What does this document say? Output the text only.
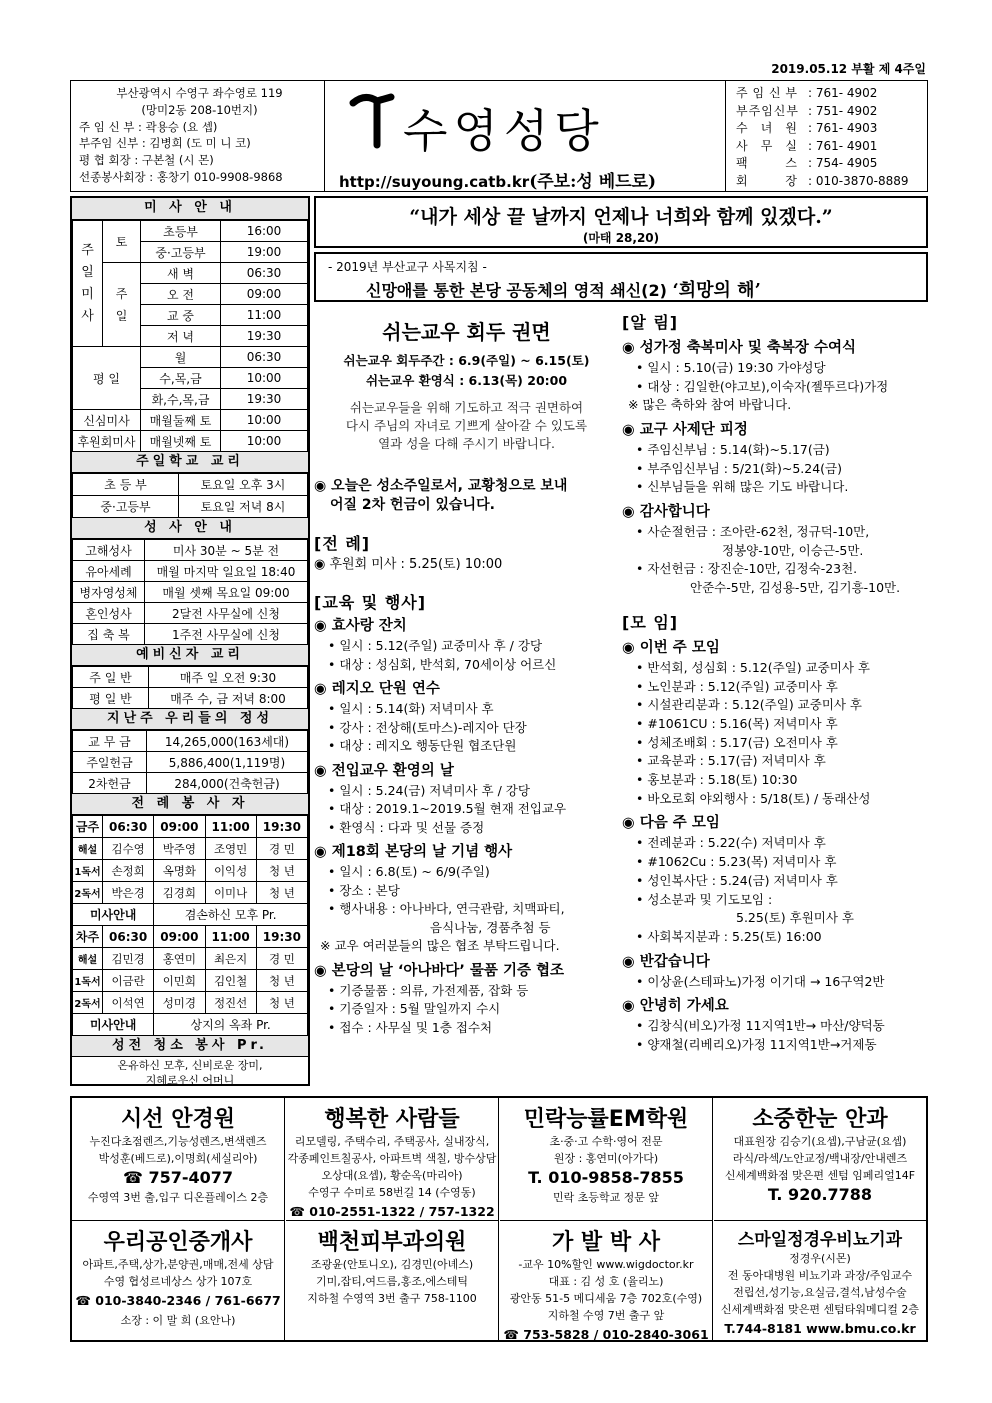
2019.05.12 부활 제 4주일
부산광역시 수영구 좌수영로 119
(망미2동 208-10번지)
주 임 신 부 : 곽용승 (요 셉)
부주임 신부 : 김병희 (도 미 니 코)
평 협 회장 : 구본철 (시 몬)
선종봉사회장 : 홍창기 010-9908-9868
수영성당
http://suyoung.catb.kr(주보:성 베드로)
주 임 신 부 : 761- 4902
부 주 임 신 부 : 751- 4902
수 녀 원 : 761- 4903
사 무 실 : 761- 4901
팩	스 : 754- 4905
회	장 : 010-3870-8889
미 사 안 내
주
일
미
사	토	초등부	16:00
		중·고등부	19:00
	주
일	새 벽	06:30
		오 전	09:00
		교 중	11:00
		저 녁	19:30
평 일		월	06:30
		수,목,금	10:00
		화,수,목,금	19:30
신심미사		매월둘째 토	10:00
후원회미사		매월넷째 토	10:00
주일학교 교리
초 등 부	토요일 오후 3시
중·고등부	토요일 저녁 8시
성 사 안 내
고해성사	미사 30분 ~ 5분 전
유아세례	매월 마지막 일요일 18:40
병자영성체	매월 셋째 목요일 09:00
혼인성사	2달전 사무실에 신청
집 축 복	1주전 사무실에 신청
예비신자 교리
주 일 반	매주 일 오전 9:30
평 일 반	매주 수, 금 저녁 8:00
지난주 우리들의 정성
교 무 금	14,265,000(163세대)
주일헌금	5,886,400(1,119명)
2차헌금	284,000(건축헌금)
전 례 봉 사 자
금주	06:30	09:00	11:00	19:30
해설	김수영	박주영	조영민	경 민
1독서	손정희	옥명화	이익성	청 년
2독서	박은경	김경희	이미나	청 년
미사안내		겸손하신 모후 Pr.		
차주	06:30	09:00	11:00	19:30
해설	김민경	홍연미	최은지	경 민
1독서	이금란	이민희	김인철	청 년
2독서	이석연	성미경	정진선	청 년
미사안내		상지의 옥좌 Pr.		
성전 청소 봉사 Pr.
온유하신 모후, 신비로운 장미,
지혜로우신 어머니
“내가 세상 끝 날까지 언제나 너희와 함께 있겠다.”
(마태 28,20)
- 2019년 부산교구 사목지침 -
신망애를 통한 본당 공동체의 영적 쇄신(2) ‘희망의 해’
쉬는교우 회두 권면
쉬는교우 회두주간 : 6.9(주일) ~ 6.15(토)
쉬는교우 환영식 : 6.13(목) 20:00
쉬는교우들을 위해 기도하고 적극 권면하여
다시 주님의 자녀로 기쁘게 살아갈 수 있도록
열과 성을 다해 주시기 바랍니다.
◉ 오늘은 성소주일로서, 교황청으로 보내
어질 2차 헌금이 있습니다.
[전 례]
◉ 후원회 미사 : 5.25(토) 10:00
[교육 및 행사]
◉ 효사랑 잔치
• 일시 : 5.12(주일) 교중미사 후 / 강당
• 대상 : 성심회, 반석회, 70세이상 어르신
◉ 레지오 단원 연수
• 일시 : 5.14(화) 저녁미사 후
• 강사 : 전상해(토마스)-레지아 단장
• 대상 : 레지오 행동단원 협조단원
◉ 전입교우 환영의 날
• 일시 : 5.24(금) 저녁미사 후 / 강당
• 대상 : 2019.1~2019.5월 현재 전입교우
• 환영식 : 다과 및 선물 증정
◉ 제18회 본당의 날 기념 행사
• 일시 : 6.8(토) ~ 6/9(주일)
• 장소 : 본당
• 행사내용 : 아나바다, 연극관람, 치맥파티,
음식나눔, 경품추첨 등
※ 교우 여러분들의 많은 협조 부탁드립니다.
◉ 본당의 날 ‘아나바다’ 물품 기증 협조
• 기증물품 : 의류, 가전제품, 잡화 등
• 기증일자 : 5월 말일까지 수시
• 접수 : 사무실 및 1층 접수처
[알 림]
◉ 성가정 축복미사 및 축복장 수여식
• 일시 : 5.10(금) 19:30 가야성당
• 대상 : 김일한(야고보),이숙자(젤뚜르다)가정
※ 많은 축하와 참여 바랍니다.
◉ 교구 사제단 피정
• 주임신부님 : 5.14(화)~5.17(금)
• 부주임신부님 : 5/21(화)~5.24(금)
• 신부님들을 위해 많은 기도 바랍니다.
◉ 감사합니다
• 사순절헌금 : 조아란-62천, 정규덕-10만,
정봉양-10만, 이승근-5만.
• 자선헌금 : 장진순-10만, 김정숙-23천.
안준수-5만, 김성용-5만, 김기흥-10만.
[모 임]
◉ 이번 주 모임
• 반석회, 성심회 : 5.12(주일) 교중미사 후
• 노인분과 : 5.12(주일) 교중미사 후
• 시설관리분과 : 5.12(주일) 교중미사 후
• #1061CU : 5.16(목) 저녁미사 후
• 성체조배회 : 5.17(금) 오전미사 후
• 교육분과 : 5.17(금) 저녁미사 후
• 홍보분과 : 5.18(토) 10:30
• 바오로회 야외행사 : 5/18(토) / 동래산성
◉ 다음 주 모임
• 전례분과 : 5.22(수) 저녁미사 후
• #1062Cu : 5.23(목) 저녁미사 후
• 성인복사단 : 5.24(금) 저녁미사 후
• 성소분과 및 기도모임 :
5.25(토) 후원미사 후
• 사회복지분과 : 5.25(토) 16:00
◉ 반갑습니다
• 이상윤(스테파노)가정 이기대 → 16구역2반
◉ 안녕히 가세요
• 김창식(비오)가정 11지역1반→ 마산/양덕동
• 양재철(리베리오)가정 11지역1반→거제동
시선 안경원
누진다초점렌즈,기능성렌즈,변색렌즈
박성훈(베드로),이명희(세실리아)
☎ 757-4077
수영역 3번 출,입구 디온플레이스 2층
행복한 사람들
리모델링, 주택수리, 주택공사, 실내장식,
각종페인트칠공사, 아파트벽 색칠, 방수상담
오상대(요셉), 황순옥(마리아)
수영구 수미로 58번길 14 (수영동)
☎ 010-2551-1322 / 757-1322
민락능률EM학원
초·중·고 수학·영어 전문
원장 : 홍연미(아가다)
T. 010-9858-7855
민락 초등학교 정문 앞
소중한눈 안과
대표원장 김승기(요셉),구남균(요셉)
라식/라섹/노안교정/백내장/안내렌즈
신세계백화점 맞은편 센텀 임페리얼14F
T. 920.7788
우리공인중개사
아파트,주택,상가,분양권,매매,전세 상담
수영 협성르네상스 상가 107호
☎ 010-3840-2346 / 761-6677
소장 : 이 말 희 (요안나)
백천피부과의원
조광윤(안토니오), 김경민(아녜스)
기미,잡티,여드름,홍조,에스테틱
지하철 수영역 3번 출구 758-1100
가 발 박 사
-교우 10%할인 www.wigdoctor.kr
대표 : 김 성 호 (율리노)
광안동 51-5 메디세움 7층 702호(수영)
지하철 수영 7번 출구 앞
☎ 753-5828 / 010-2840-3061
스마일정경우비뇨기과
정경우(시몬)
전 동아대병원 비뇨기과 과장/주임교수
전립선,성기능,요실금,결석,남성수술
신세계백화점 맞은편 센텀타워메디컬 2층
T.744-8181 www.bmu.co.kr
